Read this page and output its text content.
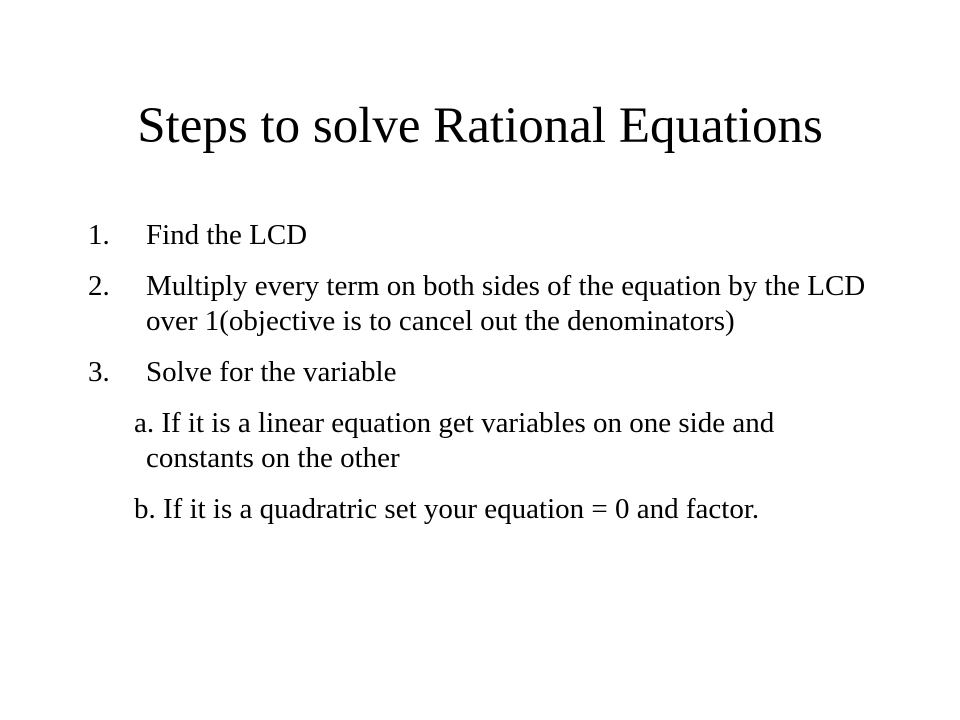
Steps to solve Rational Equations
1. Find the LCD
2. Multiply every term on both sides of the equation by the LCD over 1(objective is to cancel out the denominators)
3. Solve for the variable
a. If it is a linear equation get variables on one side and constants on the other
b. If it is a quadratric set your equation = 0 and factor.
